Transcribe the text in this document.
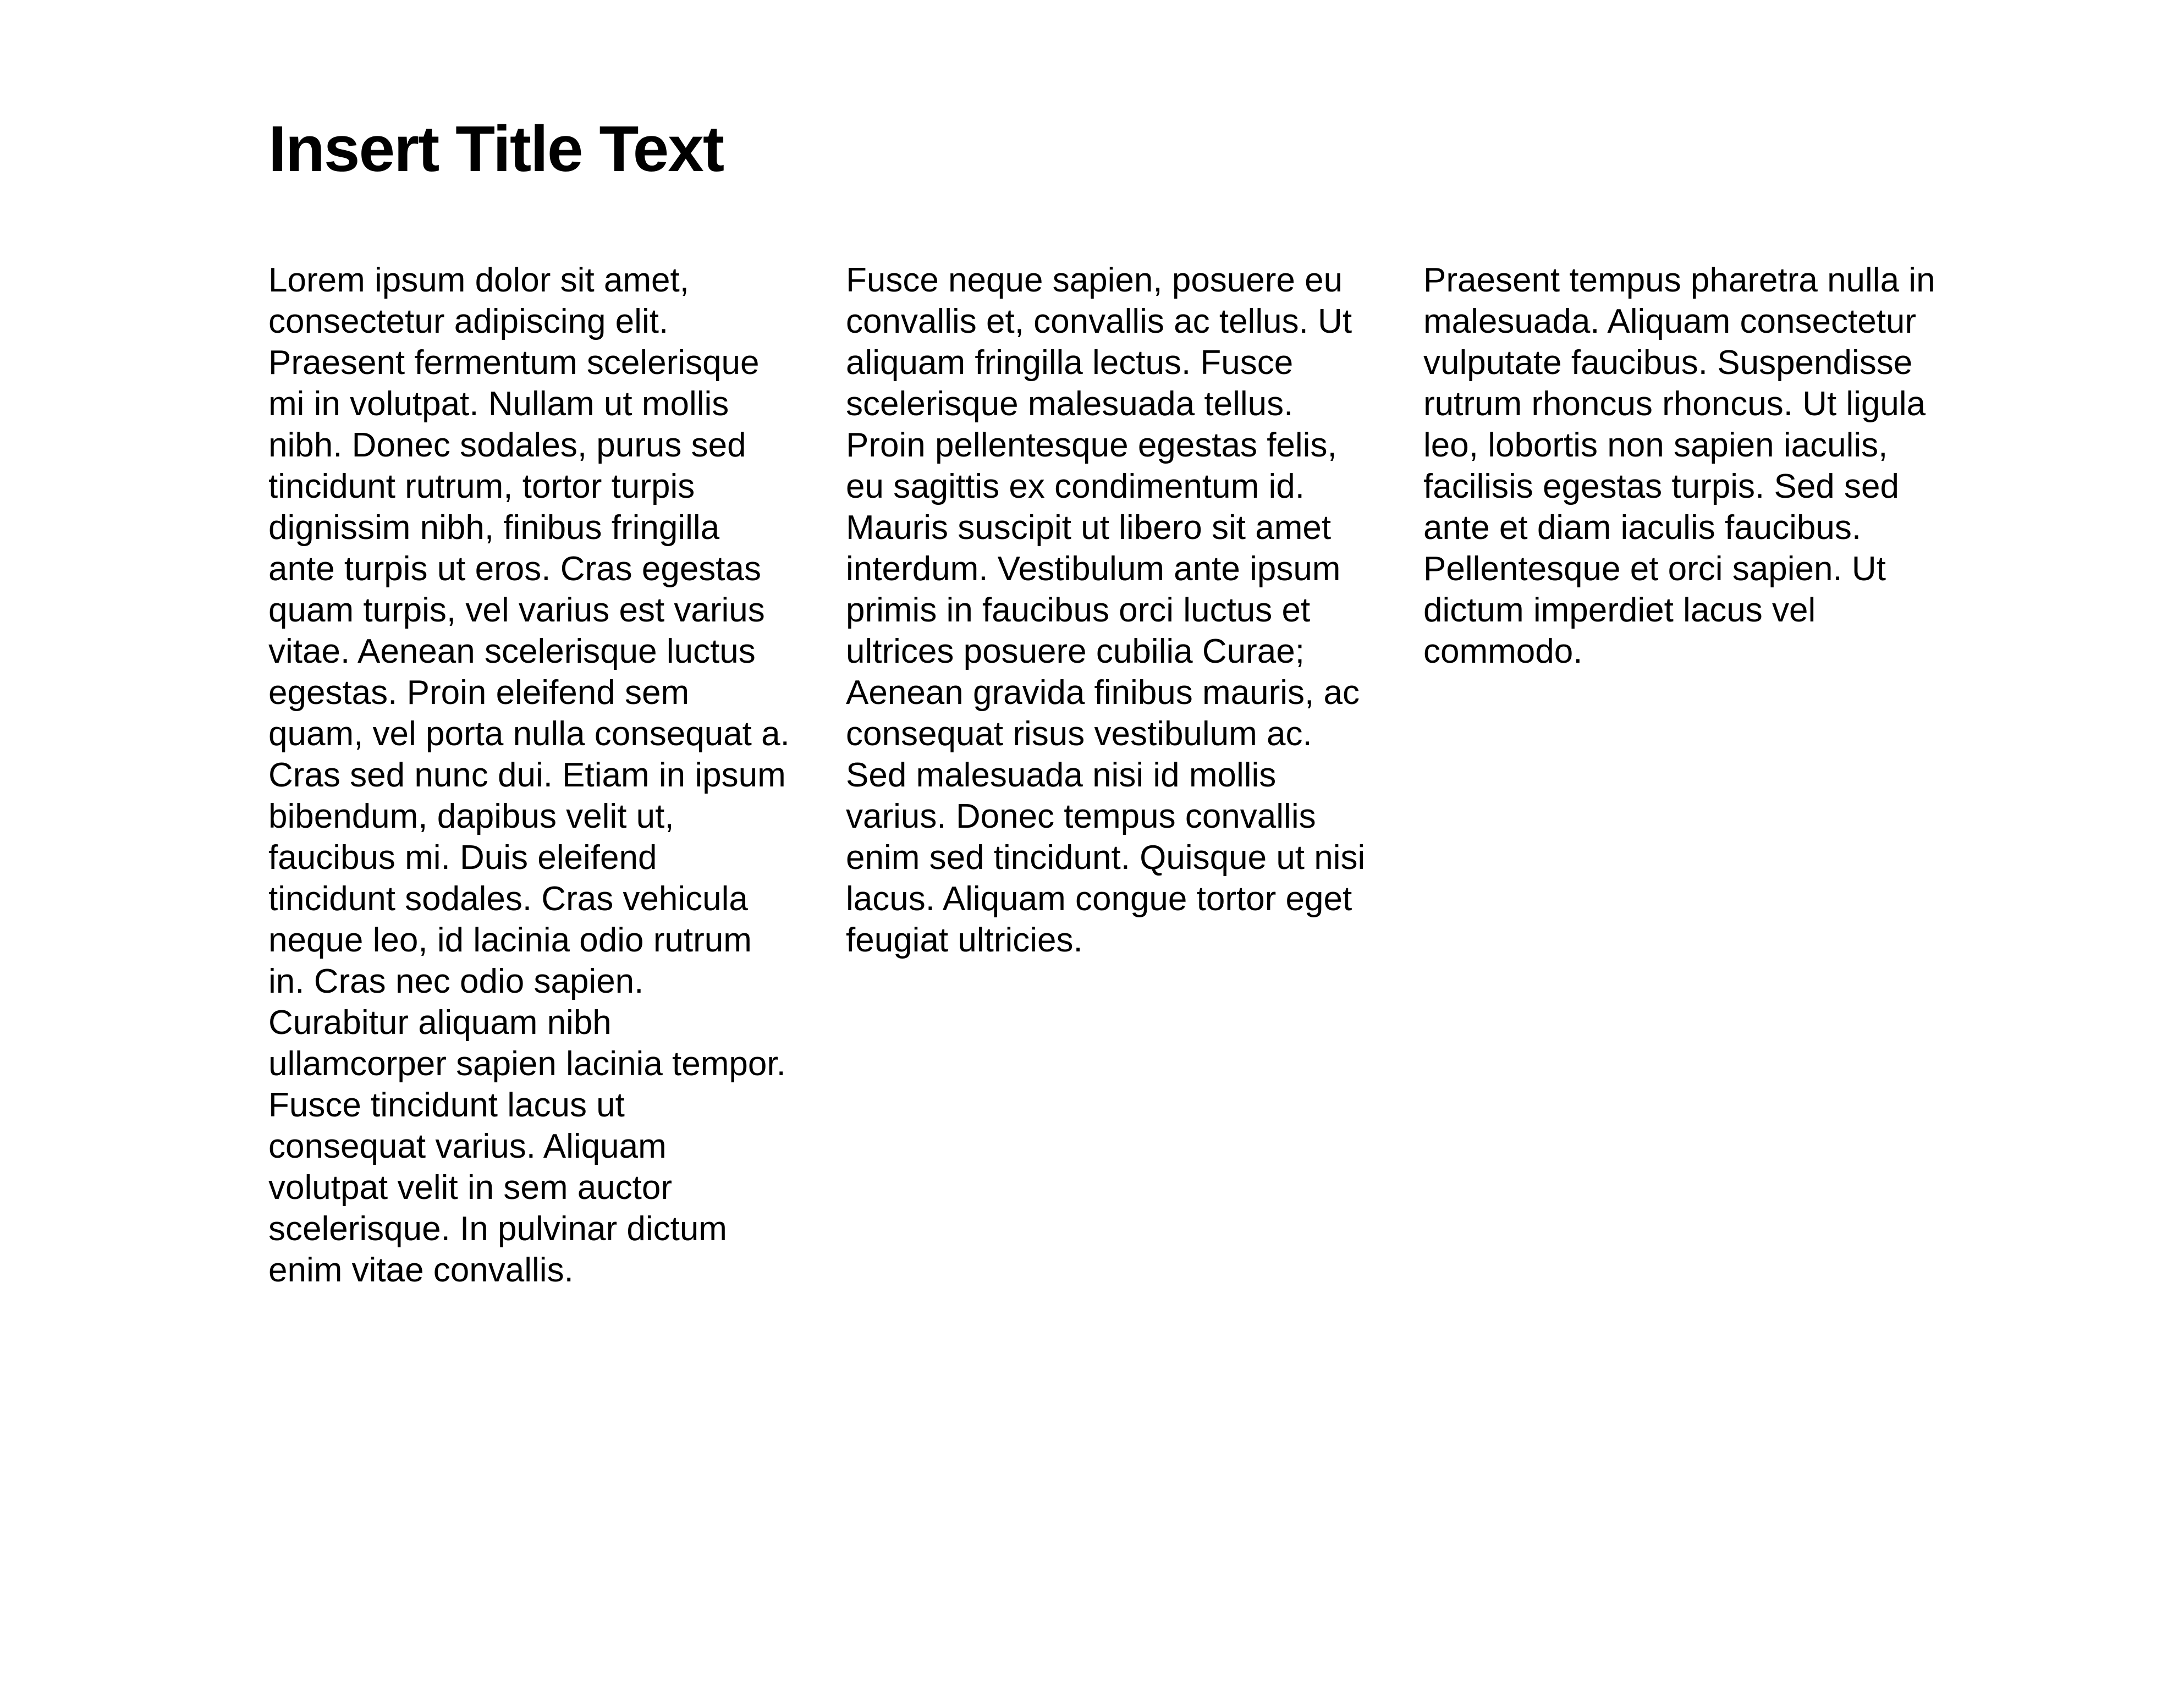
Insert Title Text
Lorem ipsum dolor sit amet, consectetur adipiscing elit. Praesent fermentum scelerisque mi in volutpat. Nullam ut mollis nibh. Donec sodales, purus sed tincidunt rutrum, tortor turpis dignissim nibh, finibus fringilla ante turpis ut eros. Cras egestas quam turpis, vel varius est varius vitae. Aenean scelerisque luctus egestas. Proin eleifend sem quam, vel porta nulla consequat a. Cras sed nunc dui. Etiam in ipsum bibendum, dapibus velit ut, faucibus mi. Duis eleifend tincidunt sodales. Cras vehicula neque leo, id lacinia odio rutrum in. Cras nec odio sapien. Curabitur aliquam nibh ullamcorper sapien lacinia tempor. Fusce tincidunt lacus ut consequat varius. Aliquam volutpat velit in sem auctor scelerisque. In pulvinar dictum enim vitae convallis.
Fusce neque sapien, posuere eu convallis et, convallis ac tellus. Ut aliquam fringilla lectus. Fusce scelerisque malesuada tellus. Proin pellentesque egestas felis, eu sagittis ex condimentum id. Mauris suscipit ut libero sit amet interdum. Vestibulum ante ipsum primis in faucibus orci luctus et ultrices posuere cubilia Curae; Aenean gravida finibus mauris, ac consequat risus vestibulum ac. Sed malesuada nisi id mollis varius. Donec tempus convallis enim sed tincidunt. Quisque ut nisi lacus. Aliquam congue tortor eget feugiat ultricies.
Praesent tempus pharetra nulla in malesuada. Aliquam consectetur vulputate faucibus. Suspendisse rutrum rhoncus rhoncus. Ut ligula leo, lobortis non sapien iaculis, facilisis egestas turpis. Sed sed ante et diam iaculis faucibus. Pellentesque et orci sapien. Ut dictum imperdiet lacus vel commodo.
